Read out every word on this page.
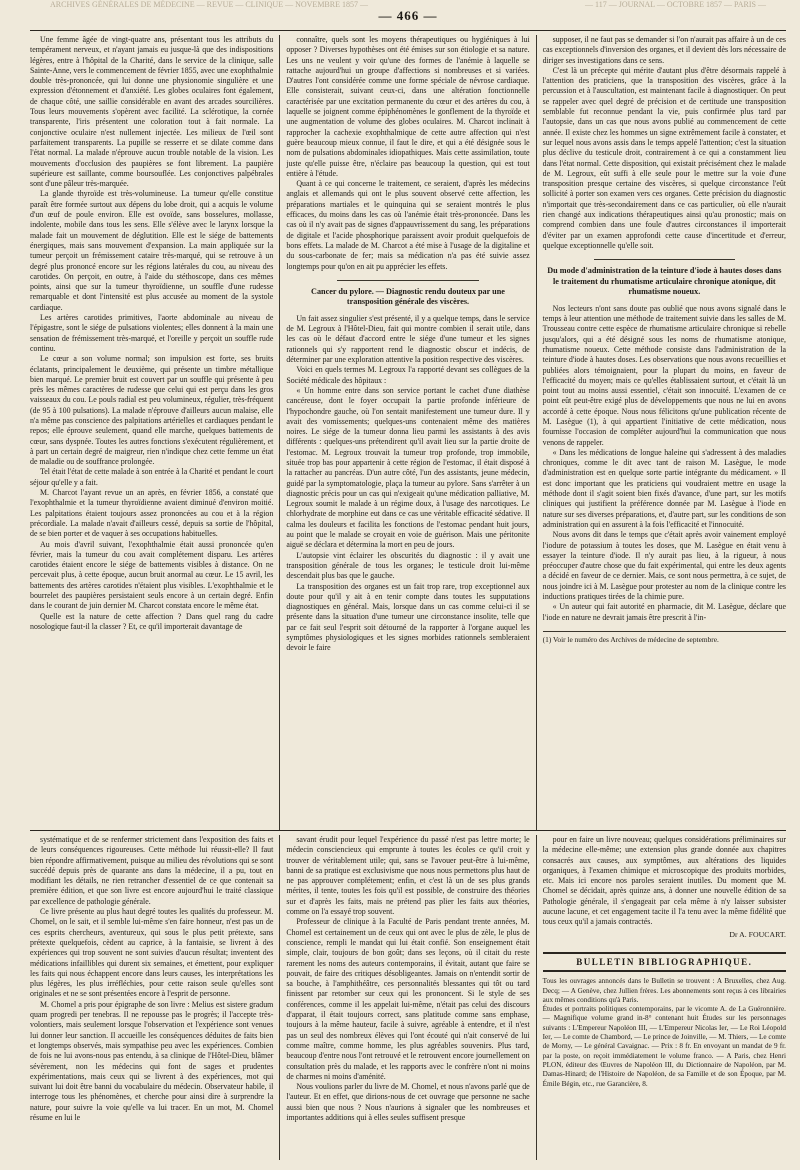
ARCHIVES GÉNÉRALES DE MÉDECINE — REVUE — CLINIQUE — NOVEMBRE 1857 —	— 117 — JOURNAL — OCTOBRE 1857 — PARIS —
— 466 —

Une femme âgée de vingt-quatre ans, présentant tous les attributs du tempérament nerveux, et n'ayant jamais eu jusque-là que des indispositions légères, entre à l'hôpital de la Charité, dans le service de la clinique, salle Sainte-Anne, vers le commencement de février 1855, avec une exophthalmie double très-prononcée, qui lui donne une physionomie singulière et une expression d'étonnement et d'anxiété. Les globes oculaires font également, de chaque côté, une saillie considérable en avant des arcades sourcilières. Tous leurs mouvements s'opèrent avec facilité. La sclérotique, la cornée transparente, l'iris présentent une coloration tout à fait normale. La conjonctive oculaire n'est nullement injectée. Les milieux de l'œil sont parfaitement transparents. La pupille se resserre et se dilate comme dans l'état normal. La malade n'éprouve aucun trouble notable de la vision. Les mouvements d'occlusion des paupières se font librement. La paupière supérieure est saillante, comme boursouflée. Les conjonctives palpébrales sont d'une pâleur très-marquée.

La glande thyroïde est très-volumineuse. La tumeur qu'elle constitue paraît être formée surtout aux dépens du lobe droit, qui a acquis le volume d'un œuf de poule environ. Elle est ovoïde, sans bosselures, mollasse, indolente, mobile dans tous les sens. Elle s'élève avec le larynx lorsque la malade fait un mouvement de déglutition. Elle est le siége de battements énergiques, mais sans mouvement d'expansion. La main appliquée sur la tumeur perçoit un frémissement cataire très-marqué, qui se retrouve à un degré plus prononcé encore sur les régions latérales du cou, au niveau des carotides. On perçoit, en outre, à l'aide du stéthoscope, dans ces mêmes points, ainsi que sur la tumeur thyroïdienne, un souffle d'une rudesse remarquable et dont l'intensité est plus accusée au moment de la systole cardiaque.

Les artères carotides primitives, l'aorte abdominale au niveau de l'épigastre, sont le siége de pulsations violentes; elles donnent à la main une sensation de frémissement très-marqué, et l'oreille y perçoit un souffle rude continu.

Le cœur a son volume normal; son impulsion est forte, ses bruits éclatants, principalement le deuxième, qui présente un timbre métallique bien marqué. Le premier bruit est couvert par un souffle qui présente à peu près les mêmes caractères de rudesse que celui qui est perçu dans les gros vaisseaux du cou. Le pouls radial est peu volumineux, régulier, très-fréquent (de 95 à 100 pulsations). La malade n'éprouve d'ailleurs aucun malaise, elle n'a même pas conscience des palpitations artérielles et cardiaques pendant le repos; elle éprouve seulement, quand elle marche, quelques battements de cœur, sans dyspnée. Toutes les autres fonctions s'exécutent régulièrement, et à part un certain degré de maigreur, rien n'indique chez cette femme un état de maladie ou de souffrance prolongée.

Tel était l'état de cette malade à son entrée à la Charité et pendant le court séjour qu'elle y a fait.

M. Charcot l'ayant revue un an après, en février 1856, a constaté que l'exophthalmie et la tumeur thyroïdienne avaient diminué d'environ moitié. Les palpitations étaient toujours assez prononcées au cou et à la région précordiale. La malade n'avait d'ailleurs cessé, depuis sa sortie de l'hôpital, de se bien porter et de vaquer à ses occupations habituelles.

Au mois d'avril suivant, l'exophthalmie était aussi prononcée qu'en février, mais la tumeur du cou avait complétement disparu. Les artères carotides étaient encore le siége de battements visibles à distance. On ne percevait plus, à cette époque, aucun bruit anormal au cœur. Le 15 avril, les battements des artères carotides n'étaient plus visibles. L'exophthalmie et le bourrelet des paupières persistaient seuls encore à un certain degré. Enfin dans le courant de juin dernier M. Charcot constata encore le même état.

Quelle est la nature de cette affection ? Dans quel rang du cadre nosologique faut-il la classer ? Et, ce qu'il importerait davantage de

connaître, quels sont les moyens thérapeutiques ou hygiéniques à lui opposer ? Diverses hypothèses ont été émises sur son étiologie et sa nature. Les uns ne veulent y voir qu'une des formes de l'anémie à laquelle se rattache aujourd'hui un groupe d'affections si nombreuses et si variées. D'autres l'ont considérée comme une forme spéciale de névrose cardiaque. Elle consisterait, suivant ceux-ci, dans une altération fonctionnelle caractérisée par une excitation permanente du cœur et des artères du cou, à laquelle se joignent comme épiphénomènes le gonflement de la thyroïde et une augmentation de volume des globes oculaires. M. Charcot inclinait à rapprocher la cachexie exophthalmique de cette autre affection qui n'est guère beaucoup mieux connue, il faut le dire, et qui a été désignée sous le nom de pulsations abdominales idiopathiques. Mais cette assimilation, toute juste qu'elle puisse être, n'éclaire pas beaucoup la question, qui est tout entière à l'étude.

Quant à ce qui concerne le traitement, ce seraient, d'après les médecins anglais et allemands qui ont le plus souvent observé cette affection, les préparations martiales et le quinquina qui se seraient montrés le plus efficaces, du moins dans les cas où l'anémie était très-prononcée. Dans les cas où il n'y avait pas de signes d'appauvrissement du sang, les préparations de digitale et l'acide phosphorique paraissent avoir produit quelquefois de bons effets. La malade de M. Charcot a été mise à l'usage de la digitaline et du sous-carbonate de fer; mais sa médication n'a pas été suivie assez longtemps pour qu'on en ait pu apprécier les effets.

Cancer du pylore. — Diagnostic rendu douteux par une transposition générale des viscères.

Un fait assez singulier s'est présenté, il y a quelque temps, dans le service de M. Legroux à l'Hôtel-Dieu, fait qui montre combien il serait utile, dans les cas où le défaut d'accord entre le siége d'une tumeur et les signes rationnels qui s'y rapportent rend le diagnostic obscur et indécis, de déterminer par une exploration attentive la position respective des viscères.

Voici en quels termes M. Legroux l'a rapporté devant ses collègues de la Société médicale des hôpitaux :

« Un homme entre dans son service portant le cachet d'une diathèse cancéreuse, dont le foyer occupait la partie profonde inférieure de l'hypochondre gauche, où l'on sentait manifestement une tumeur dure. Il y avait des vomissements; quelques-uns contenaient même des matières noires. Le siége de la tumeur donna lieu parmi les assistants à des avis différents : quelques-uns prétendirent qu'il avait lieu sur la partie droite de l'estomac. M. Legroux trouvait la tumeur trop profonde, trop immobile, située trop bas pour appartenir à cette région de l'estomac, il était disposé à la rattacher au pancréas. D'un autre côté, l'un des assistants, jeune médecin, guidé par la symptomatologie, plaça la tumeur au pylore. Sans s'arrêter à un diagnostic précis pour un cas qui n'exigeait qu'une médication palliative, M. Legroux soumit le malade à un régime doux, à l'usage des narcotiques. Le chlorhydrate de morphine eut dans ce cas une véritable efficacité sédative. Il calma les douleurs et facilita les fonctions de l'estomac pendant huit jours, au point que le malade se croyait en voie de guérison. Mais une péritonite aiguë se déclara et détermina la mort en peu de jours.

L'autopsie vint éclairer les obscurités du diagnostic : il y avait une transposition générale de tous les organes; le testicule droit lui-même descendait plus bas que le gauche.

La transposition des organes est un fait trop rare, trop exceptionnel aux doute pour qu'il y ait à en tenir compte dans toutes les supputations diagnostiques en général. Mais, lorsque dans un cas comme celui-ci il se présente dans la situation d'une tumeur une circonstance insolite, telle que par ce fait seul l'esprit soit détourné de la rapporter à l'organe auquel les symptômes physiologiques et les signes morbides rationnels sembleraient devoir le faire

supposer, il ne faut pas se demander si l'on n'aurait pas affaire à un de ces cas exceptionnels d'inversion des organes, et il devient dès lors nécessaire de diriger ses investigations dans ce sens.

C'est là un précepte qui mérite d'autant plus d'être désormais rappelé à l'attention des praticiens, que la transposition des viscères, grâce à la percussion et à l'auscultation, est maintenant facile à diagnostiquer. On peut se rappeler avec quel degré de précision et de certitude une transposition semblable fut reconnue pendant la vie, puis confirmée plus tard par l'autopsie, dans un cas que nous avons publié au commencement de cette année. Il existe chez les hommes un signe extrêmement facile à constater, et sur lequel nous avons assis dans le temps appelé l'attention; c'est la situation plus déclive du testicule droit, contrairement à ce qui a constamment lieu dans l'état normal. Cette disposition, qui existait précisément chez le malade de M. Legroux, eût suffi à elle seule pour le mettre sur la voie d'une transposition presque certaine des viscères, si quelque circonstance l'eût sollicité à porter son examen vers ces organes. Cette précision du diagnostic n'importait que très-secondairement dans ce cas particulier, où elle n'aurait rien changé aux indications thérapeutiques ainsi qu'au pronostic; mais on comprend combien dans une foule d'autres circonstances il importerait d'éviter par un examen approfondi cette cause d'incertitude et d'erreur, quelque exceptionnelle qu'elle soit.

Du mode d'administration de la teinture d'iode à hautes doses dans le traitement du rhumatisme articulaire chronique atonique, dit rhumatisme noueux.

Nos lecteurs n'ont sans doute pas oublié que nous avons signalé dans le temps à leur attention une méthode de traitement suivie dans les salles de M. Trousseau contre cette espèce de rhumatisme articulaire chronique si rebelle jusqu'alors, qui a été désigné sous les noms de rhumatisme atonique, rhumatisme noueux. Cette méthode consiste dans l'administration de la teinture d'iode à hautes doses. Les observations que nous avons recueillies et publiées alors témoignaient, pour la plupart du moins, en faveur de l'efficacité du moyen; mais ce qu'elles établissaient surtout, et c'était là un point tout au moins aussi essentiel, c'était son innocuité. L'examen de ce point eût peut-être exigé plus de développements que nous ne lui en avons accordé à cette époque. Nous nous félicitons qu'une publication récente de M. Lasègue (1), à qui appartient l'initiative de cette médication, nous fournisse l'occasion de compléter aujourd'hui la communication que nous venons de rappeler.

« Dans les médications de longue haleine qui s'adressent à des maladies chroniques, comme le dit avec tant de raison M. Lasègue, le mode d'administration est en quelque sorte partie intégrante du médicament. » Il est donc important que les praticiens qui voudraient mettre en usage la méthode dont il s'agit soient bien fixés d'avance, d'une part, sur les motifs cliniques qui justifient la préférence donnée par M. Lasègue à l'iode en nature sur ses diverses préparations, et, d'autre part, sur les conditions de son administration qui en assurent à la fois l'efficacité et l'innocuité.

Nous avons dit dans le temps que c'était après avoir vainement employé l'iodure de potassium à toutes les doses, que M. Lasègue en était venu à essayer la teinture d'iode. Il n'y aurait pas lieu, à la rigueur, à nous préoccuper d'autre chose que du fait expérimental, qui entre les deux agents a décidé en faveur de ce dernier. Mais, ce sont nous permettra, à ce sujet, de nous joindre ici à M. Lasègue pour protester au nom de la clinique contre les inductions pratiques tirées de la chimie pure.

« Un auteur qui fait autorité en pharmacie, dit M. Lasègue, déclare que l'iode en nature ne devrait jamais être prescrit à l'in-

(1) Voir le numéro des Archives de médecine de septembre.

systématique et de se renfermer strictement dans l'exposition des faits et de leurs conséquences rigoureuses. Cette méthode lui réussit-elle? Il faut bien répondre affirmativement, puisque au milieu des révolutions qui se sont succédé depuis près de quarante ans dans la médecine, il a pu, tout en modifiant les détails, ne rien retrancher d'essentiel de ce que contenait sa première édition, et que son livre est encore aujourd'hui le traité classique par excellence de pathologie générale.

Ce livre présente au plus haut degré toutes les qualités du professeur. M. Chomel, on le sait, et il semble lui-même s'en faire honneur, n'est pas un de ces esprits chercheurs, aventureux, qui sous le plus petit prétexte, sans prétexte quelquefois, cèdent au caprice, à la fantaisie, se livrent à des expériences qui trop souvent ne sont suivies d'aucun résultat; inventent des médications infaillibles qui durent six semaines, et émettent, pour expliquer les faits qui nous échappent encore dans leurs causes, les interprétations les plus légères, les plus irréfléchies, pour cette raison seule qu'elles sont originales et ne se sont présentées encore à l'esprit de personne.

M. Chomel a pris pour épigraphe de son livre : Melius est sistere gradum quam progredi per tenebras. Il ne repousse pas le progrès; il l'accepte très-volontiers, mais seulement lorsque l'observation et l'expérience sont venues lui donner leur sanction. Il accueille les conséquences déduites de faits bien et longtemps observés, mais sympathise peu avec les expériences. Combien de fois ne lui avons-nous pas entendu, à sa clinique de l'Hôtel-Dieu, blâmer sévèrement, non les médecins qui font de sages et prudentes expérimentations, mais ceux qui se livrent à des expériences, mot qui suivant lui doit être banni du vocabulaire du médecin. Observateur habile, il interroge tous les phénomènes, et cherche pour ainsi dire à surprendre la nature, pour suivre la voie qu'elle va lui tracer. En un mot, M. Chomel résume en lui le

savant érudit pour lequel l'expérience du passé n'est pas lettre morte; le médecin consciencieux qui emprunte à toutes les écoles ce qu'il croit y trouver de véritablement utile; qui, sans se l'avouer peut-être à lui-même, banni de sa pratique est exclusivisme que nous nous permettons plus haut de ne pas approuver complétement; enfin, et c'est là un de ses plus grands mérites, il tente, toutes les fois qu'il est possible, de construire des théories sur et d'après les faits, mais ne prétend pas plier les faits aux théories, comme on l'a essayé trop souvent.

Professeur de clinique à la Faculté de Paris pendant trente années, M. Chomel est certainement un de ceux qui ont avec le plus de zèle, le plus de conscience, rempli le mandat qui lui était confié. Son enseignement était simple, clair, toujours de bon goût; dans ses leçons, où il citait du reste rarement les noms des auteurs contemporains, il évitait, autant que faire se pouvait, de faire des critiques désobligeantes. Jamais on n'entendit sortir de sa bouche, à l'amphithéâtre, ces personnalités blessantes qui tôt ou tard finissent par retomber sur ceux qui les prononcent. Si le style de ses conférences, comme il les appelait lui-même, n'était pas celui des discours d'apparat, il était toujours correct, sans platitude comme sans emphase, toujours à la même hauteur, facile à suivre, agréable à entendre, et il n'est pas un seul des nombreux élèves qui l'ont écouté qui n'ait conservé de lui comme maître, comme homme, les plus agréables souvenirs. Plus tard, beaucoup d'entre nous l'ont retrouvé et le retrouvent encore journellement on consultation près du malade, et les rapports avec le confrère n'ont ni moins de charmes ni moins d'aménité.

Nous voulions parler du livre de M. Chomel, et nous n'avons parlé que de l'auteur. Et en effet, que dirions-nous de cet ouvrage que personne ne sache aussi bien que nous ? Nous n'aurions à signaler que les nombreuses et importantes additions qui à elles seules suffisent presque

pour en faire un livre nouveau; quelques considérations préliminaires sur la médecine elle-même; une extension plus grande donnée aux chapitres consacrés aux causes, aux symptômes, aux altérations des liquides organiques, à l'examen chimique et microscopique des produits morbides, etc. Mais ici encore nos paroles seraient inutiles. Du moment que M. Chomel se décidait, après quinze ans, à donner une nouvelle édition de sa Pathologie générale, il s'engageait par cela même à n'y laisser subsister aucune lacune, et cet engagement tacite il l'a tenu avec la même fidélité que tous ceux qu'il a jamais contractés.

Dr A. FOUCART.
BULLETIN BIBLIOGRAPHIQUE.

Tous les ouvrages annoncés dans le Bulletin se trouvent : A Bruxelles, chez Aug. Decq; — A Genève, chez Jullien frères. Les abonnements sont reçus à ces librairies aux mêmes conditions qu'à Paris.

Études et portraits politiques contemporains, par le vicomte A. de La Guéronnière. — Magnifique volume grand in-8° contenant huit Études sur les personnages suivants : L'Empereur Napoléon III, — L'Empereur Nicolas Ier, — Le Roi Léopold Ier, — Le comte de Chambord, — Le prince de Joinville, — M. Thiers, — Le comte de Morny, — Le général Cavaignac. — Prix : 8 fr. En envoyant un mandat de 9 fr. par la poste, on reçoit immédiatement le volume franco. — A Paris, chez Henri PLON, éditeur des Œuvres de Napoléon III, du Dictionnaire de Napoléon, par M. Damas-Hinard; de l'Histoire de Napoléon, de sa Famille et de son Époque, par M. Émile Bégin, etc., rue Garancière, 8.
